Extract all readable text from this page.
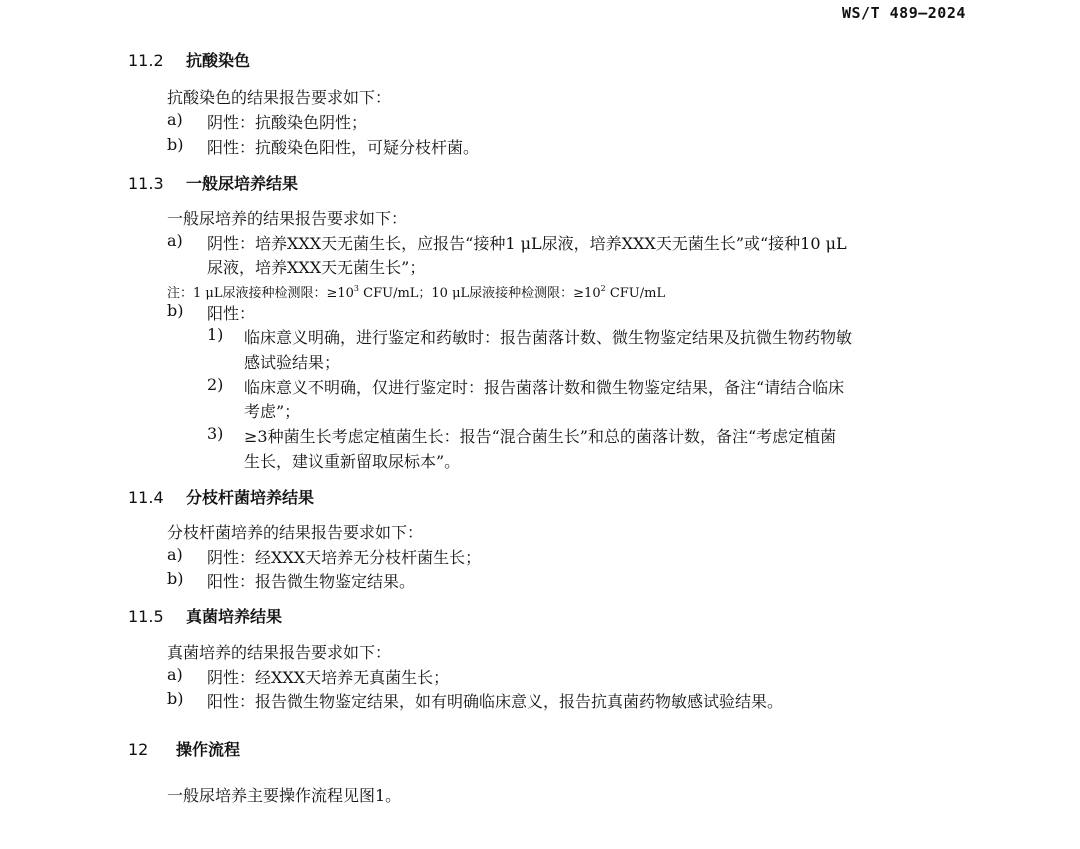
WS/T 489—2024
11.2 抗酸染色
抗酸染色的结果报告要求如下：
a) 阴性：抗酸染色阴性；
b) 阳性：抗酸染色阳性，可疑分枝杆菌。
11.3 一般尿培养结果
一般尿培养的结果报告要求如下：
a) 阴性：培养XXX天无菌生长，应报告“接种1 μL尿液，培养XXX天无菌生长”或“接种10 μL
尿液，培养XXX天无菌生长”；
注：1 μL尿液接种检测限：$\ge 10^3$ CFU/mL；10 μL尿液接种检测限：$\ge 10^2$ CFU/mL
b) 阳性：
1) 临床意义明确，进行鉴定和药敏时：报告菌落计数、微生物鉴定结果及抗微生物药物敏
感试验结果；
2) 临床意义不明确，仅进行鉴定时：报告菌落计数和微生物鉴定结果，备注“请结合临床
考虑”；
3) ≥3种菌生长考虑定植菌生长：报告“混合菌生长”和总的菌落计数，备注“考虑定植菌
生长，建议重新留取尿标本”。
11.4 分枝杆菌培养结果
分枝杆菌培养的结果报告要求如下：
a) 阴性：经XXX天培养无分枝杆菌生长；
b) 阳性：报告微生物鉴定结果。
11.5 真菌培养结果
真菌培养的结果报告要求如下：
a) 阴性：经XXX天培养无真菌生长；
b) 阳性：报告微生物鉴定结果，如有明确临床意义，报告抗真菌药物敏感试验结果。
12 操作流程
一般尿培养主要操作流程见图1。
